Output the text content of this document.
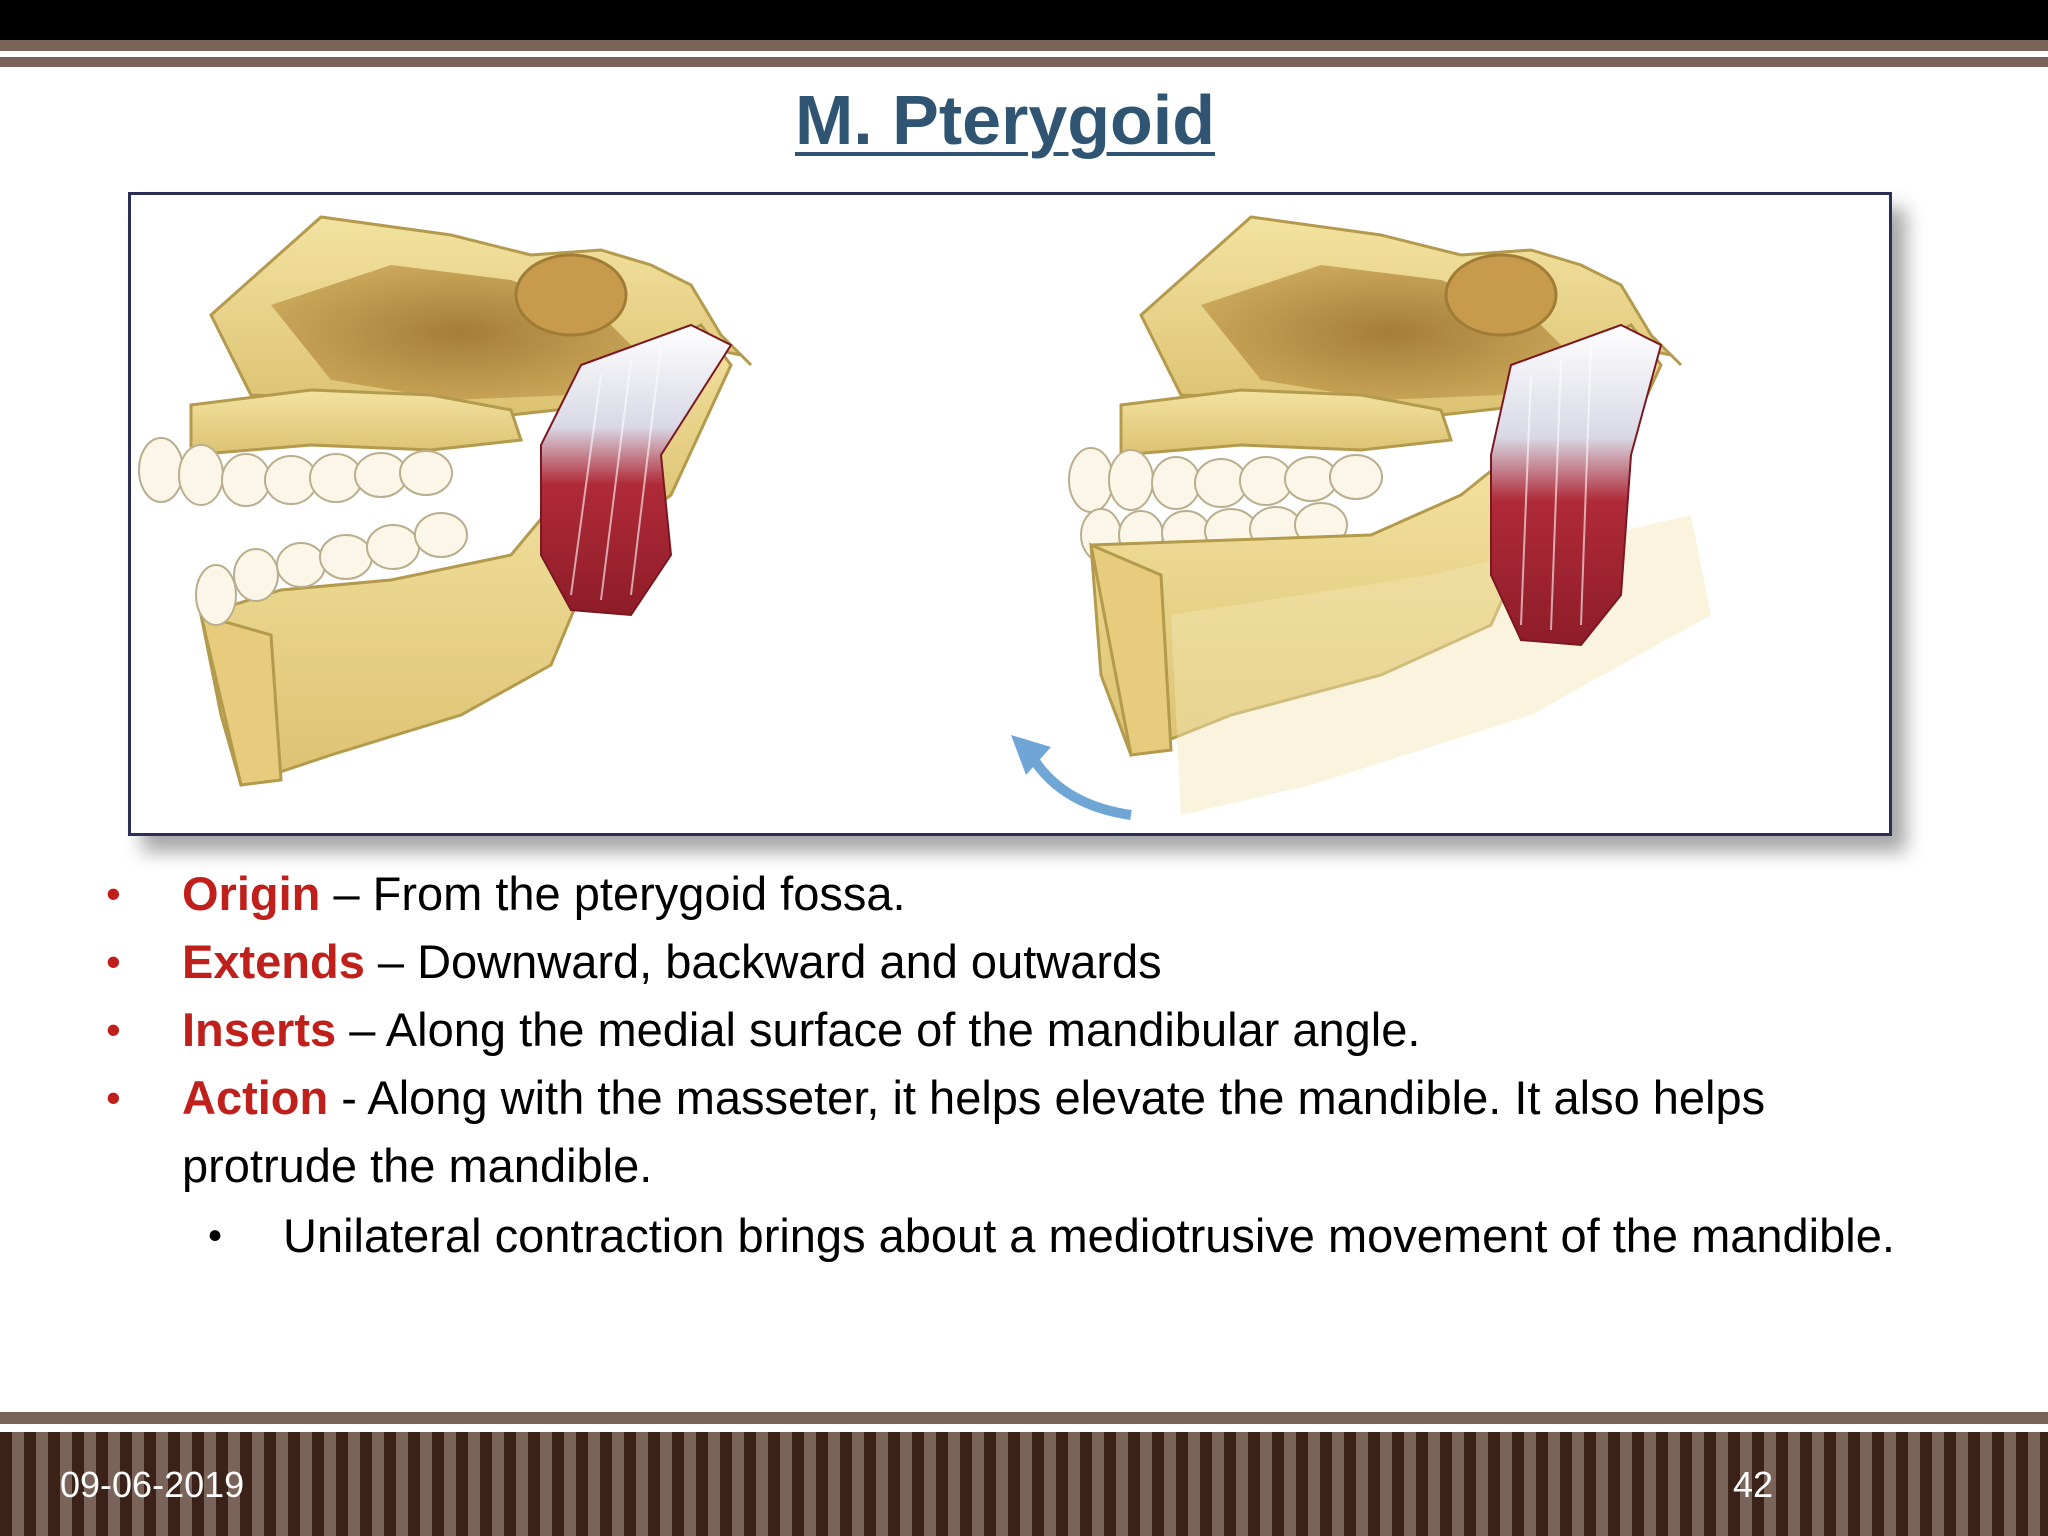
M. Pterygoid
• Origin – From the pterygoid fossa.
• Extends – Downward, backward and outwards
• Inserts – Along the medial surface of the mandibular angle.
• Action - Along with the masseter, it helps elevate the mandible. It also helps protrude the mandible.
• Unilateral contraction brings about a mediotrusive movement of the mandible.
09-06-2019	42
